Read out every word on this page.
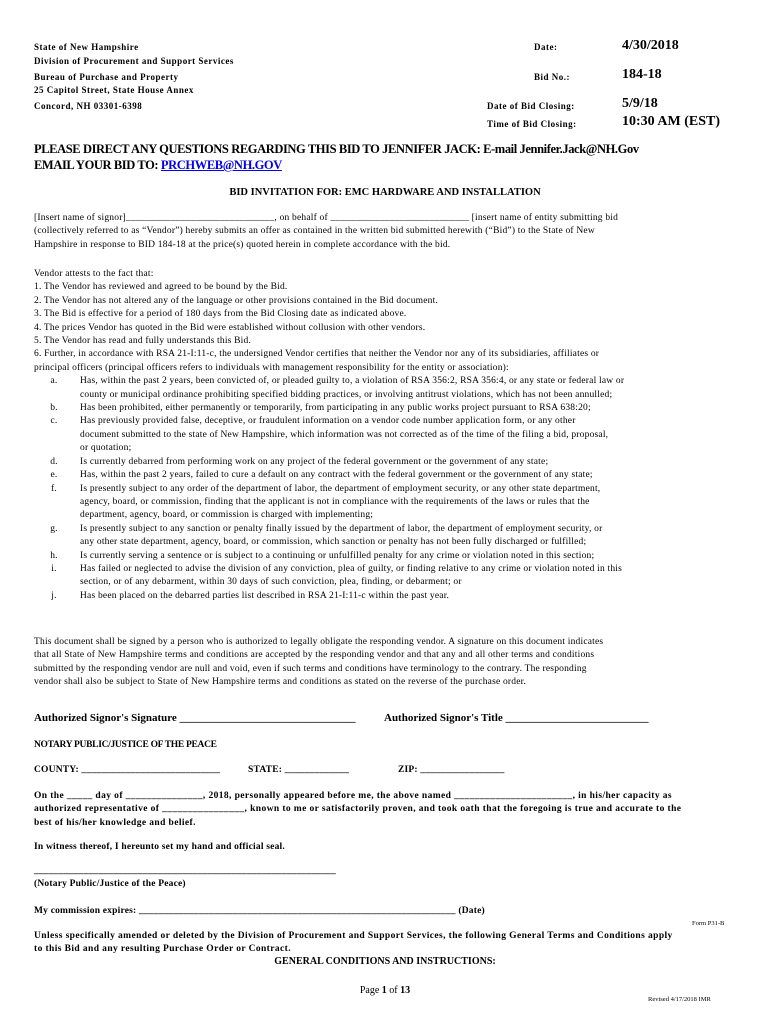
State of New Hampshire
Division of Procurement and Support Services
Bureau of Purchase and Property
25 Capitol Street, State House Annex
Concord, NH 03301-6398
Date:	4/30/2018
Bid No.:	184-18
Date of Bid Closing:	5/9/18
Time of Bid Closing:	10:30 AM (EST)
PLEASE DIRECT ANY QUESTIONS REGARDING THIS BID TO JENNIFER JACK: E-mail Jennifer.Jack@NH.Gov
EMAIL YOUR BID TO: PRCHWEB@NH.GOV
BID INVITATION FOR: EMC HARDWARE AND INSTALLATION
[Insert name of signor]______________________________, on behalf of ____________________________ [insert name of entity submitting bid
(collectively referred to as “Vendor”) hereby submits an offer as contained in the written bid submitted herewith (“Bid”) to the State of New
Hampshire in response to BID 184-18 at the price(s) quoted herein in complete accordance with the bid.
Vendor attests to the fact that:
1. The Vendor has reviewed and agreed to be bound by the Bid.
2. The Vendor has not altered any of the language or other provisions contained in the Bid document.
3. The Bid is effective for a period of 180 days from the Bid Closing date as indicated above.
4. The prices Vendor has quoted in the Bid were established without collusion with other vendors.
5. The Vendor has read and fully understands this Bid.
6. Further, in accordance with RSA 21-I:11-c, the undersigned Vendor certifies that neither the Vendor nor any of its subsidiaries, affiliates or
principal officers (principal officers refers to individuals with management responsibility for the entity or association):
a.	Has, within the past 2 years, been convicted of, or pleaded guilty to, a violation of RSA 356:2, RSA 356:4, or any state or federal law or
county or municipal ordinance prohibiting specified bidding practices, or involving antitrust violations, which has not been annulled;
b.	Has been prohibited, either permanently or temporarily, from participating in any public works project pursuant to RSA 638:20;
c.	Has previously provided false, deceptive, or fraudulent information on a vendor code number application form, or any other
document submitted to the state of New Hampshire, which information was not corrected as of the time of the filing a bid, proposal,
or quotation;
d.	Is currently debarred from performing work on any project of the federal government or the government of any state;
e.	Has, within the past 2 years, failed to cure a default on any contract with the federal government or the government of any state;
f.	Is presently subject to any order of the department of labor, the department of employment security, or any other state department,
agency, board, or commission, finding that the applicant is not in compliance with the requirements of the laws or rules that the
department, agency, board, or commission is charged with implementing;
g.	Is presently subject to any sanction or penalty finally issued by the department of labor, the department of employment security, or
any other state department, agency, board, or commission, which sanction or penalty has not been fully discharged or fulfilled;
h.	Is currently serving a sentence or is subject to a continuing or unfulfilled penalty for any crime or violation noted in this section;
i.	Has failed or neglected to advise the division of any conviction, plea of guilty, or finding relative to any crime or violation noted in this
section, or of any debarment, within 30 days of such conviction, plea, finding, or debarment; or
j.	Has been placed on the debarred parties list described in RSA 21-I:11-c within the past year.
This document shall be signed by a person who is authorized to legally obligate the responding vendor. A signature on this document indicates
that all State of New Hampshire terms and conditions are accepted by the responding vendor and that any and all other terms and conditions
submitted by the responding vendor are null and void, even if such terms and conditions have terminology to the contrary. The responding
vendor shall also be subject to State of New Hampshire terms and conditions as stated on the reverse of the purchase order.
Authorized Signor's Signature ________________________________	Authorized Signor's Title __________________________
NOTARY PUBLIC/JUSTICE OF THE PEACE
COUNTY: ____________________________	STATE: _____________	ZIP: _________________
On the _____ day of _______________, 2018, personally appeared before me, the above named _______________________, in his/her capacity as
authorized representative of ________________, known to me or satisfactorily proven, and took oath that the foregoing is true and accurate to the
best of his/her knowledge and belief.
In witness thereof, I hereunto set my hand and official seal.
_____________________________________________________________
(Notary Public/Justice of the Peace)
My commission expires: ________________________________________________________________ (Date)
Form P31-B
Unless specifically amended or deleted by the Division of Procurement and Support Services, the following General Terms and Conditions apply
to this Bid and any resulting Purchase Order or Contract.
GENERAL CONDITIONS AND INSTRUCTIONS:
Page 1 of 13
Revised 4/17/2018 IMR
